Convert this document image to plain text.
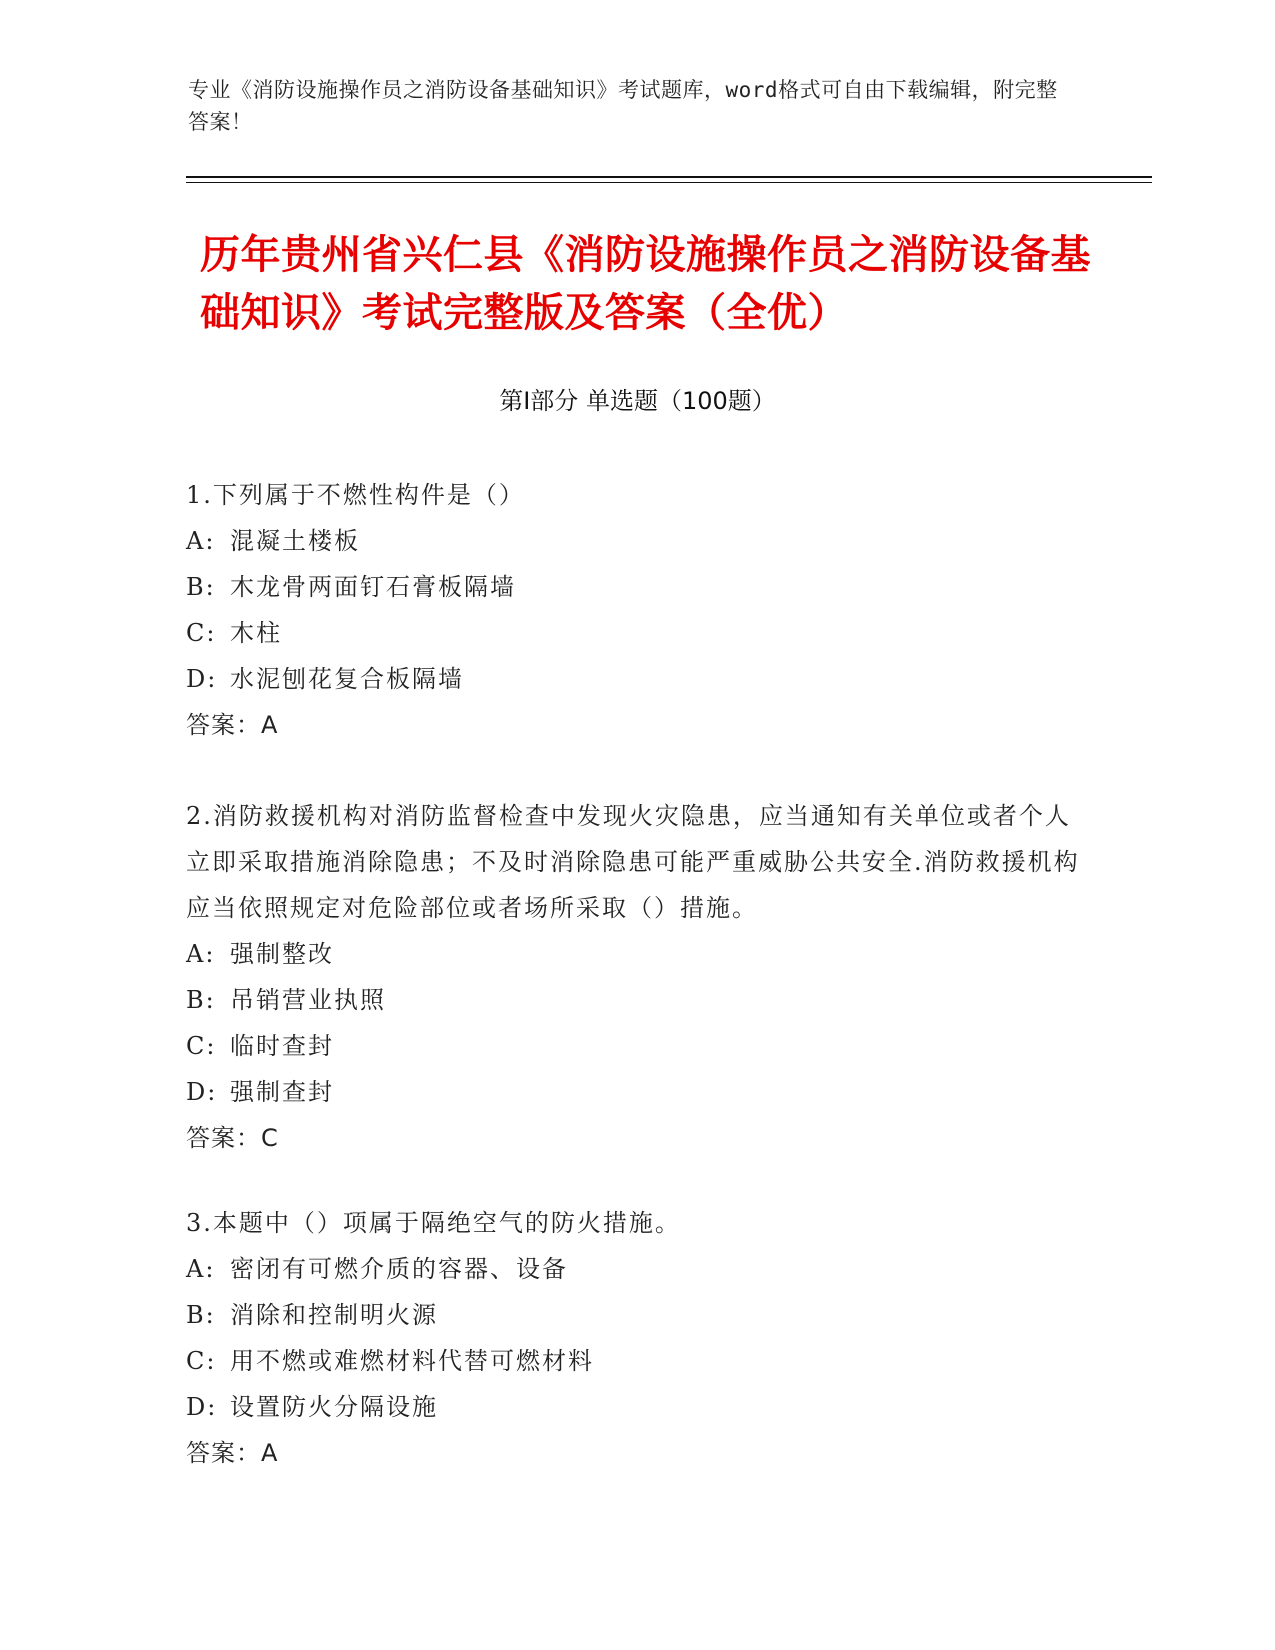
专业《消防设施操作员之消防设备基础知识》考试题库，word格式可自由下载编辑，附完整答案！
历年贵州省兴仁县《消防设施操作员之消防设备基础知识》考试完整版及答案（全优）
第Ⅰ部分 单选题（100题）

1.下列属于不燃性构件是（）

A: 混凝土楼板

B: 木龙骨两面钉石膏板隔墙

C: 木柱

D: 水泥刨花复合板隔墙

答案：A

2.消防救援机构对消防监督检查中发现火灾隐患，应当通知有关单位或者个人立即采取措施消除隐患；不及时消除隐患可能严重威胁公共安全.消防救援机构应当依照规定对危险部位或者场所采取（）措施。

A: 强制整改

B: 吊销营业执照

C: 临时查封

D: 强制查封

答案：C

3.本题中（）项属于隔绝空气的防火措施。

A: 密闭有可燃介质的容器、设备

B: 消除和控制明火源

C: 用不燃或难燃材料代替可燃材料

D: 设置防火分隔设施

答案：A
